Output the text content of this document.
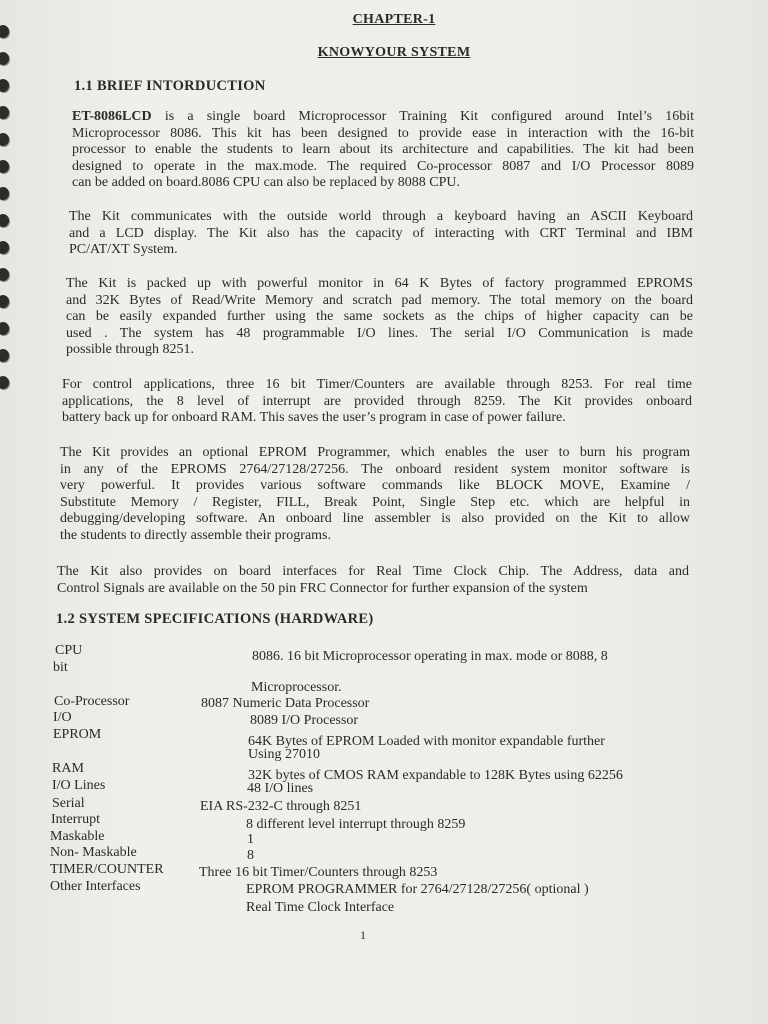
CHAPTER-1
KNOWYOUR SYSTEM
1.1 BRIEF INTORDUCTION
ET-8086LCD is a single board Microprocessor Training Kit configured around Intel’s 16bit
Microprocessor 8086. This kit has been designed to provide ease in interaction with the 16-bit
processor to enable the students to learn about its architecture and capabilities. The kit had been
designed to operate in the max.mode. The required Co-processor 8087 and I/O Processor 8089
can be added on board.8086 CPU can also be replaced by 8088 CPU.
The Kit communicates with the outside world through a keyboard having an ASCII Keyboard
and a LCD display. The Kit also has the capacity of interacting with CRT Terminal and IBM
PC/AT/XT System.
The Kit is packed up with powerful monitor in 64 K Bytes of factory programmed EPROMS
and 32K Bytes of Read/Write Memory and scratch pad memory. The total memory on the board
can be easily expanded further using the same sockets as the chips of higher capacity can be
used . The system has 48 programmable I/O lines. The serial I/O Communication is made
possible through 8251.
For control applications, three 16 bit Timer/Counters are available through 8253. For real time
applications, the 8 level of interrupt are provided through 8259. The Kit provides onboard
battery back up for onboard RAM. This saves the user’s program in case of power failure.
The Kit provides an optional EPROM Programmer, which enables the user to burn his program
in any of the EPROMS 2764/27128/27256. The onboard resident system monitor software is
very powerful. It provides various software commands like BLOCK MOVE, Examine /
Substitute Memory / Register, FILL, Break Point, Single Step etc. which are helpful in
debugging/developing software. An onboard line assembler is also provided on the Kit to allow
the students to directly assemble their programs.
The Kit also provides on board interfaces for Real Time Clock Chip. The Address, data and
Control Signals are available on the 50 pin FRC Connector for further expansion of the system
1.2 SYSTEM SPECIFICATIONS (HARDWARE)
CPU	8086. 16 bit Microprocessor operating in max. mode or 8088, 8
bit
Microprocessor.
Co-Processor	8087 Numeric Data Processor
I/O	8089 I/O Processor
EPROM	64K Bytes of EPROM Loaded with monitor expandable further
Using 27010
RAM	32K bytes of CMOS RAM expandable to 128K Bytes using 62256
I/O Lines	48 I/O lines
Serial	EIA RS-232-C through 8251
Interrupt	8 different level interrupt through 8259
Maskable	1
Non- Maskable	8
TIMER/COUNTER	Three 16 bit Timer/Counters through 8253
Other Interfaces	EPROM PROGRAMMER for 2764/27128/27256( optional )
Real Time Clock Interface
1
